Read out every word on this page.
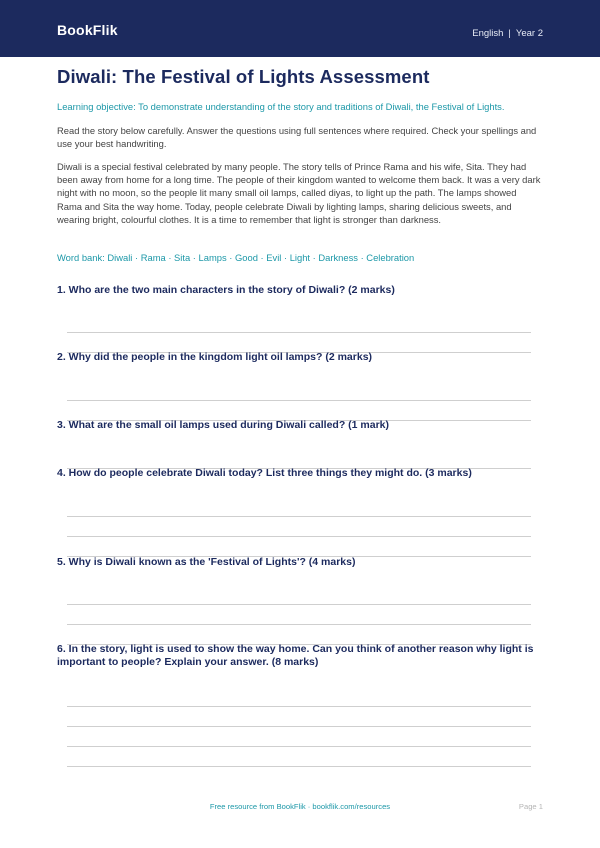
BookFlik	English | Year 2
Diwali: The Festival of Lights Assessment
Learning objective: To demonstrate understanding of the story and traditions of Diwali, the Festival of Lights.
Read the story below carefully. Answer the questions using full sentences where required. Check your spellings and use your best handwriting.
Diwali is a special festival celebrated by many people. The story tells of Prince Rama and his wife, Sita. They had been away from home for a long time. The people of their kingdom wanted to welcome them back. It was a very dark night with no moon, so the people lit many small oil lamps, called diyas, to light up the path. The lamps showed Rama and Sita the way home. Today, people celebrate Diwali by lighting lamps, sharing delicious sweets, and wearing bright, colourful clothes. It is a time to remember that light is stronger than darkness.
Word bank: Diwali · Rama · Sita · Lamps · Good · Evil · Light · Darkness · Celebration
1. Who are the two main characters in the story of Diwali? (2 marks)
2. Why did the people in the kingdom light oil lamps? (2 marks)
3. What are the small oil lamps used during Diwali called? (1 mark)
4. How do people celebrate Diwali today? List three things they might do. (3 marks)
5. Why is Diwali known as the 'Festival of Lights'? (4 marks)
6. In the story, light is used to show the way home. Can you think of another reason why light is important to people? Explain your answer. (8 marks)
Free resource from BookFlik · bookflik.com/resources	Page 1
